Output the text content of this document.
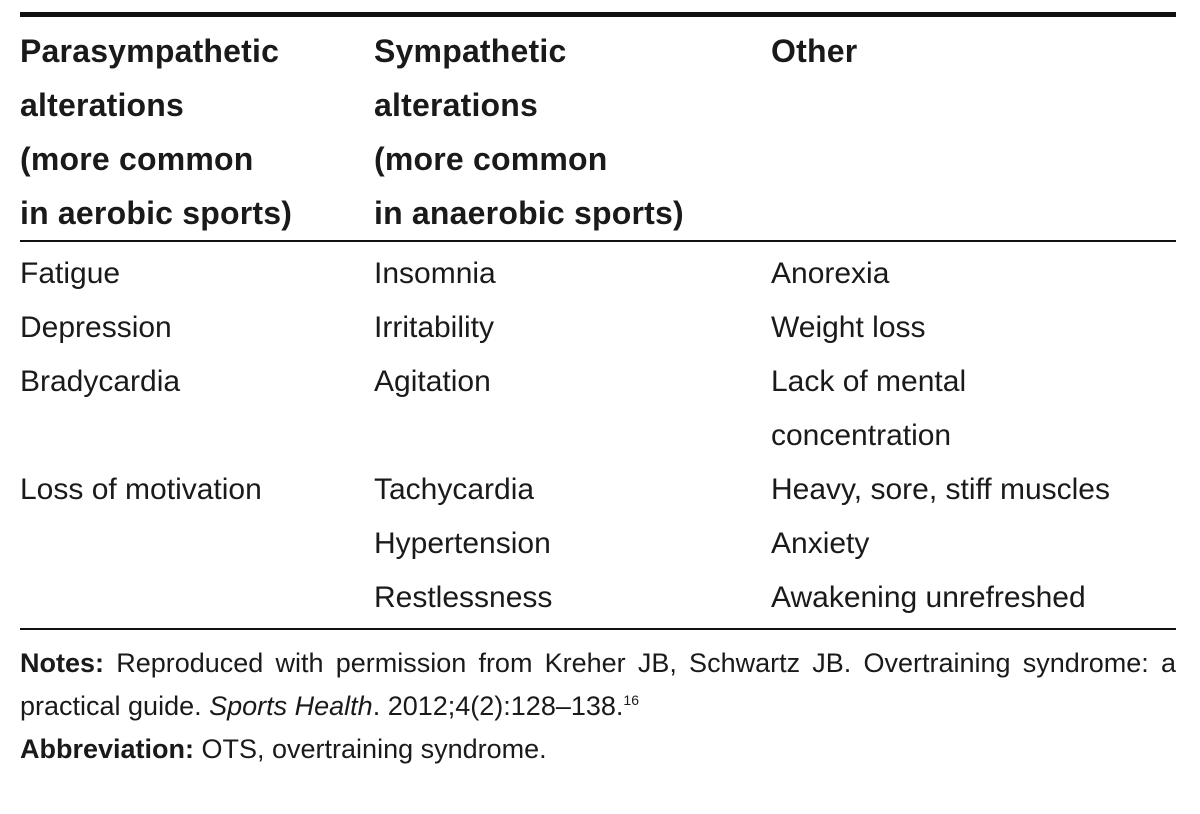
Parasympathetic
alterations
(more common
in aerobic sports)
Sympathetic
alterations
(more common
in anaerobic sports)
Other
Fatigue
Depression
Bradycardia
Loss of motivation
Insomnia
Irritability
Agitation
Tachycardia
Hypertension
Restlessness
Anorexia
Weight loss
Lack of mental
concentration
Heavy, sore, stiff muscles
Anxiety
Awakening unrefreshed

Notes: Reproduced with permission from Kreher JB, Schwartz JB. Overtraining syndrome: a practical guide. Sports Health. 2012;4(2):128–138.16

Abbreviation: OTS, overtraining syndrome.
